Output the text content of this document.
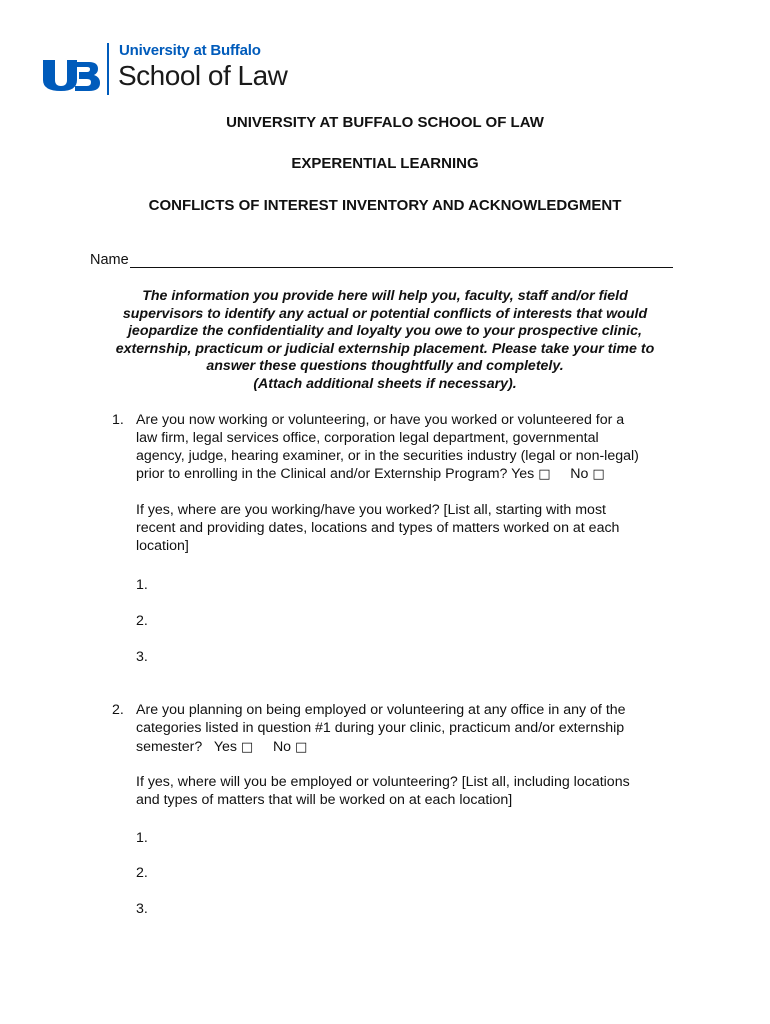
University at Buffalo
School of Law
UNIVERSITY AT BUFFALO SCHOOL OF LAW
EXPERENTIAL LEARNING
CONFLICTS OF INTEREST INVENTORY AND ACKNOWLEDGMENT
Name
The information you provide here will help you, faculty, staff and/or field
supervisors to identify any actual or potential conflicts of interests that would
jeopardize the confidentiality and loyalty you owe to your prospective clinic,
externship, practicum or judicial externship placement. Please take your time to
answer these questions thoughtfully and completely.
(Attach additional sheets if necessary).
1. Are you now working or volunteering, or have you worked or volunteered for a
law firm, legal services office, corporation legal department, governmental
agency, judge, hearing examiner, or in the securities industry (legal or non-legal)
prior to enrolling in the Clinical and/or Externship Program? Yes □ No □
If yes, where are you working/have you worked? [List all, starting with most
recent and providing dates, locations and types of matters worked on at each
location]
1.
2.
3.
2. Are you planning on being employed or volunteering at any office in any of the
categories listed in question #1 during your clinic, practicum and/or externship
semester? Yes □ No □
If yes, where will you be employed or volunteering? [List all, including locations
and types of matters that will be worked on at each location]
1.
2.
3.
